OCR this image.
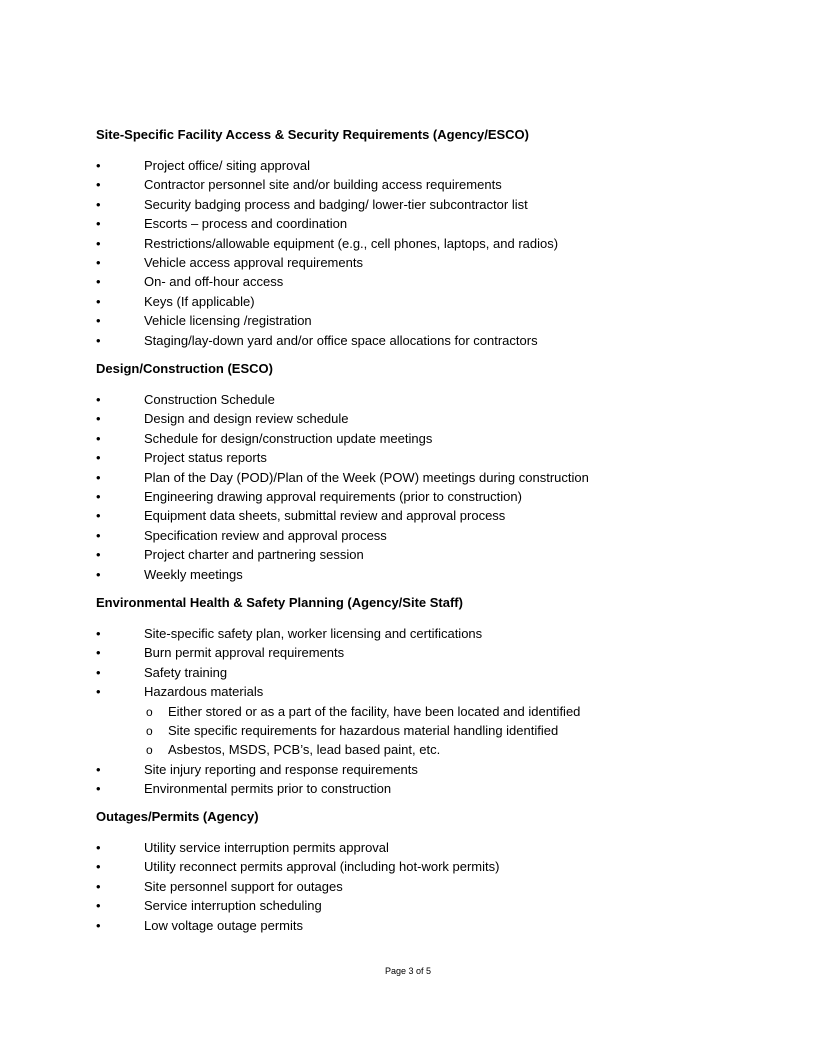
Site-Specific Facility Access & Security Requirements (Agency/ESCO)
•	Project office/ siting approval
•	Contractor personnel site and/or building access requirements
•	Security badging process and badging/ lower-tier subcontractor list
•	Escorts – process and coordination
•	Restrictions/allowable equipment (e.g., cell phones, laptops, and radios)
•	Vehicle access approval requirements
•	On- and off-hour access
•	Keys (If applicable)
•	Vehicle licensing /registration
•	Staging/lay-down yard and/or office space allocations for contractors
Design/Construction (ESCO)
•	Construction Schedule
•	Design and design review schedule
•	Schedule for design/construction update meetings
•	Project status reports
•	Plan of the Day (POD)/Plan of the Week (POW) meetings during construction
•	Engineering drawing approval requirements (prior to construction)
•	Equipment data sheets, submittal review and approval process
•	Specification review and approval process
•	Project charter and partnering session
•	Weekly meetings
Environmental Health & Safety Planning (Agency/Site Staff)
•	Site-specific safety plan, worker licensing and certifications
•	Burn permit approval requirements
•	Safety training
•	Hazardous materials
o Either stored or as a part of the facility, have been located and identified
o Site specific requirements for hazardous material handling identified
o Asbestos, MSDS, PCB’s, lead based paint, etc.
•	Site injury reporting and response requirements
•	Environmental permits prior to construction
Outages/Permits (Agency)
•	Utility service interruption permits approval
•	Utility reconnect permits approval (including hot-work permits)
•	Site personnel support for outages
•	Service interruption scheduling
•	Low voltage outage permits
Page 3 of 5
